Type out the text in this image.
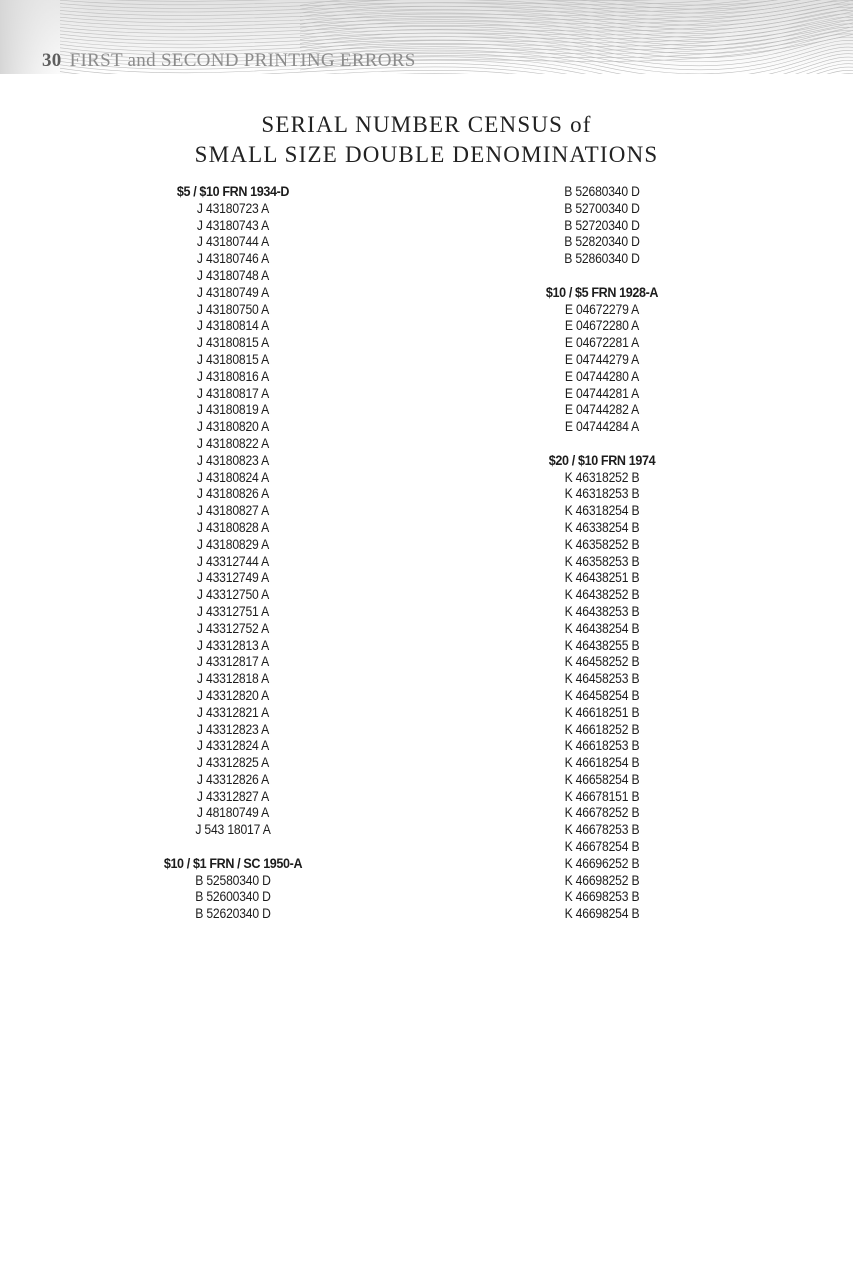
30 FIRST and SECOND PRINTING ERRORS
SERIAL NUMBER CENSUS of
SMALL SIZE DOUBLE DENOMINATIONS
$5 / $10 FRN 1934-D
J 43180723 A
J 43180743 A
J 43180744 A
J 43180746 A
J 43180748 A
J 43180749 A
J 43180750 A
J 43180814 A
J 43180815 A
J 43180815 A
J 43180816 A
J 43180817 A
J 43180819 A
J 43180820 A
J 43180822 A
J 43180823 A
J 43180824 A
J 43180826 A
J 43180827 A
J 43180828 A
J 43180829 A
J 43312744 A
J 43312749 A
J 43312750 A
J 43312751 A
J 43312752 A
J 43312813 A
J 43312817 A
J 43312818 A
J 43312820 A
J 43312821 A
J 43312823 A
J 43312824 A
J 43312825 A
J 43312826 A
J 43312827 A
J 48180749 A
J 543 18017 A
$10 / $1 FRN / SC 1950-A
B 52580340 D
B 52600340 D
B 52620340 D
B 52680340 D
B 52700340 D
B 52720340 D
B 52820340 D
B 52860340 D
$10 / $5 FRN 1928-A
E 04672279 A
E 04672280 A
E 04672281 A
E 04744279 A
E 04744280 A
E 04744281 A
E 04744282 A
E 04744284 A
$20 / $10 FRN 1974
K 46318252 B
K 46318253 B
K 46318254 B
K 46338254 B
K 46358252 B
K 46358253 B
K 46438251 B
K 46438252 B
K 46438253 B
K 46438254 B
K 46438255 B
K 46458252 B
K 46458253 B
K 46458254 B
K 46618251 B
K 46618252 B
K 46618253 B
K 46618254 B
K 46658254 B
K 46678151 B
K 46678252 B
K 46678253 B
K 46678254 B
K 46696252 B
K 46698252 B
K 46698253 B
K 46698254 B
